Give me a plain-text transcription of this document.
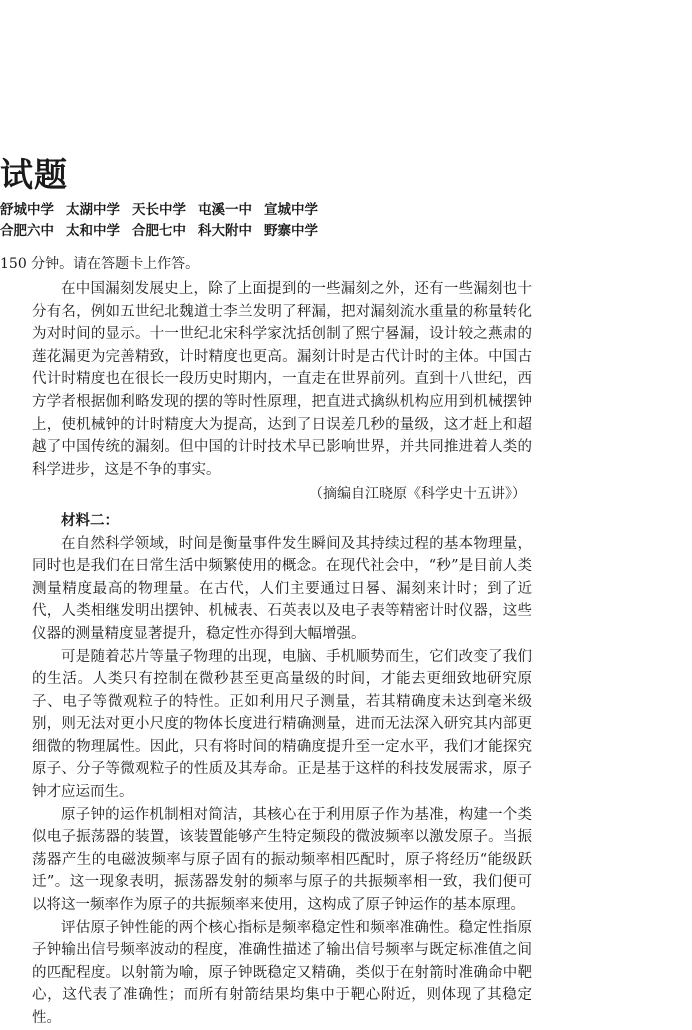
试题
舒城中学 太湖中学 天长中学 屯溪一中 宣城中学
合肥六中 太和中学 合肥七中 科大附中 野寨中学
150 分钟。请在答题卡上作答。

在中国漏刻发展史上，除了上面提到的一些漏刻之外，还有一些漏刻也十分有名，例如五世纪北魏道士李兰发明了秤漏，把对漏刻流水重量的称量转化为对时间的显示。十一世纪北宋科学家沈括创制了熙宁晷漏，设计较之燕肃的莲花漏更为完善精致，计时精度也更高。漏刻计时是古代计时的主体。中国古代计时精度也在很长一段历史时期内，一直走在世界前列。直到十八世纪，西方学者根据伽利略发现的摆的等时性原理，把直进式擒纵机构应用到机械摆钟上，使机械钟的计时精度大为提高，达到了日误差几秒的量级，这才赶上和超越了中国传统的漏刻。但中国的计时技术早已影响世界，并共同推进着人类的科学进步，这是不争的事实。

（摘编自江晓原《科学史十五讲》）
材料二：

在自然科学领域，时间是衡量事件发生瞬间及其持续过程的基本物理量，同时也是我们在日常生活中频繁使用的概念。在现代社会中，“秒”是目前人类测量精度最高的物理量。在古代，人们主要通过日晷、漏刻来计时；到了近代，人类相继发明出摆钟、机械表、石英表以及电子表等精密计时仪器，这些仪器的测量精度显著提升，稳定性亦得到大幅增强。

可是随着芯片等量子物理的出现，电脑、手机顺势而生，它们改变了我们的生活。人类只有控制在微秒甚至更高量级的时间，才能去更细致地研究原子、电子等微观粒子的特性。正如利用尺子测量，若其精确度未达到毫米级别，则无法对更小尺度的物体长度进行精确测量，进而无法深入研究其内部更细微的物理属性。因此，只有将时间的精确度提升至一定水平，我们才能探究原子、分子等微观粒子的性质及其寿命。正是基于这样的科技发展需求，原子钟才应运而生。

原子钟的运作机制相对简洁，其核心在于利用原子作为基准，构建一个类似电子振荡器的装置，该装置能够产生特定频段的微波频率以激发原子。当振荡器产生的电磁波频率与原子固有的振动频率相匹配时，原子将经历“能级跃迁”。这一现象表明，振荡器发射的频率与原子的共振频率相一致，我们便可以将这一频率作为原子的共振频率来使用，这构成了原子钟运作的基本原理。

评估原子钟性能的两个核心指标是频率稳定性和频率准确性。稳定性指原子钟输出信号频率波动的程度，准确性描述了输出信号频率与既定标准值之间的匹配程度。以射箭为喻，原子钟既稳定又精确，类似于在射箭时准确命中靶心，这代表了准确性；而所有射箭结果均集中于靶心附近，则体现了其稳定性。
